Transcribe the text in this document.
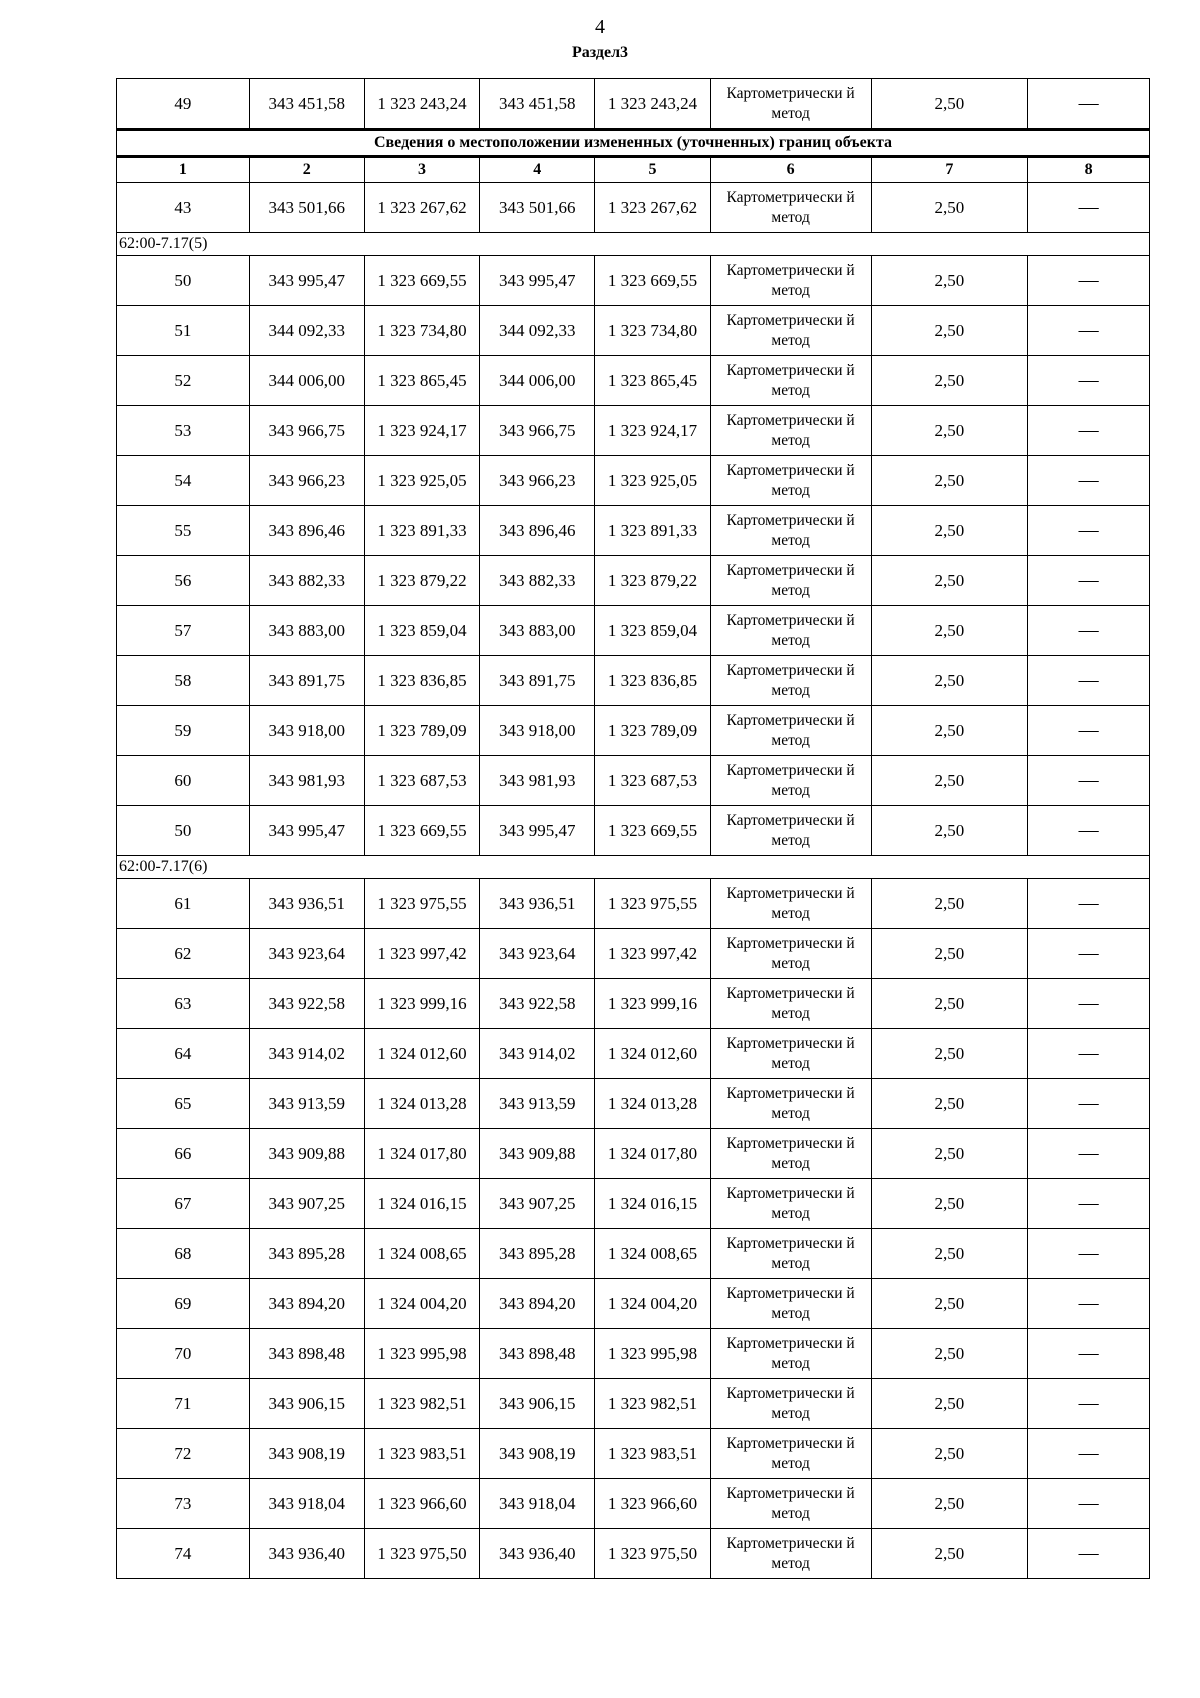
4
Раздел3
49	343 451,58	1 323 243,24	343 451,58	1 323 243,24	Картометрически й метод	2,50	—
Сведения о местоположении измененных (уточненных) границ объекта							
1	2	3	4	5	6	7	8
43	343 501,66	1 323 267,62	343 501,66	1 323 267,62	Картометрически й метод	2,50	—
62:00-7.17(5)							
50	343 995,47	1 323 669,55	343 995,47	1 323 669,55	Картометрически й метод	2,50	—
51	344 092,33	1 323 734,80	344 092,33	1 323 734,80	Картометрически й метод	2,50	—
52	344 006,00	1 323 865,45	344 006,00	1 323 865,45	Картометрически й метод	2,50	—
53	343 966,75	1 323 924,17	343 966,75	1 323 924,17	Картометрически й метод	2,50	—
54	343 966,23	1 323 925,05	343 966,23	1 323 925,05	Картометрически й метод	2,50	—
55	343 896,46	1 323 891,33	343 896,46	1 323 891,33	Картометрически й метод	2,50	—
56	343 882,33	1 323 879,22	343 882,33	1 323 879,22	Картометрически й метод	2,50	—
57	343 883,00	1 323 859,04	343 883,00	1 323 859,04	Картометрически й метод	2,50	—
58	343 891,75	1 323 836,85	343 891,75	1 323 836,85	Картометрически й метод	2,50	—
59	343 918,00	1 323 789,09	343 918,00	1 323 789,09	Картометрически й метод	2,50	—
60	343 981,93	1 323 687,53	343 981,93	1 323 687,53	Картометрически й метод	2,50	—
50	343 995,47	1 323 669,55	343 995,47	1 323 669,55	Картометрически й метод	2,50	—
62:00-7.17(6)							
61	343 936,51	1 323 975,55	343 936,51	1 323 975,55	Картометрически й метод	2,50	—
62	343 923,64	1 323 997,42	343 923,64	1 323 997,42	Картометрически й метод	2,50	—
63	343 922,58	1 323 999,16	343 922,58	1 323 999,16	Картометрически й метод	2,50	—
64	343 914,02	1 324 012,60	343 914,02	1 324 012,60	Картометрически й метод	2,50	—
65	343 913,59	1 324 013,28	343 913,59	1 324 013,28	Картометрически й метод	2,50	—
66	343 909,88	1 324 017,80	343 909,88	1 324 017,80	Картометрически й метод	2,50	—
67	343 907,25	1 324 016,15	343 907,25	1 324 016,15	Картометрически й метод	2,50	—
68	343 895,28	1 324 008,65	343 895,28	1 324 008,65	Картометрически й метод	2,50	—
69	343 894,20	1 324 004,20	343 894,20	1 324 004,20	Картометрически й метод	2,50	—
70	343 898,48	1 323 995,98	343 898,48	1 323 995,98	Картометрически й метод	2,50	—
71	343 906,15	1 323 982,51	343 906,15	1 323 982,51	Картометрически й метод	2,50	—
72	343 908,19	1 323 983,51	343 908,19	1 323 983,51	Картометрически й метод	2,50	—
73	343 918,04	1 323 966,60	343 918,04	1 323 966,60	Картометрически й метод	2,50	—
74	343 936,40	1 323 975,50	343 936,40	1 323 975,50	Картометрически й метод	2,50	—
